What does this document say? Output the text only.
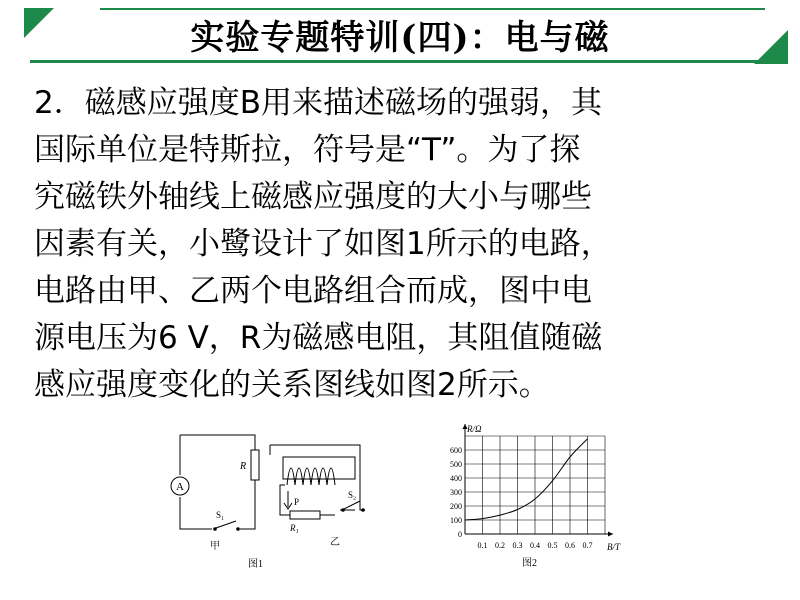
实验专题特训(四)：电与磁
2．磁感应强度B用来描述磁场的强弱，其
国际单位是特斯拉，符号是“T”。为了探
究磁铁外轴线上磁感应强度的大小与哪些
因素有关，小鹭设计了如图1所示的电路，
电路由甲、乙两个电路组合而成，图中电
源电压为6 V，R为磁感电阻，其阻值随磁
感应强度变化的关系图线如图2所示。
A
R
S₁
甲
P
R₁
S₂
乙
图1
600
500
400
300
200
100
0
0.1 0.2 0.3 0.4 0.5 0.6 0.7
R/Ω
B/T
图2
